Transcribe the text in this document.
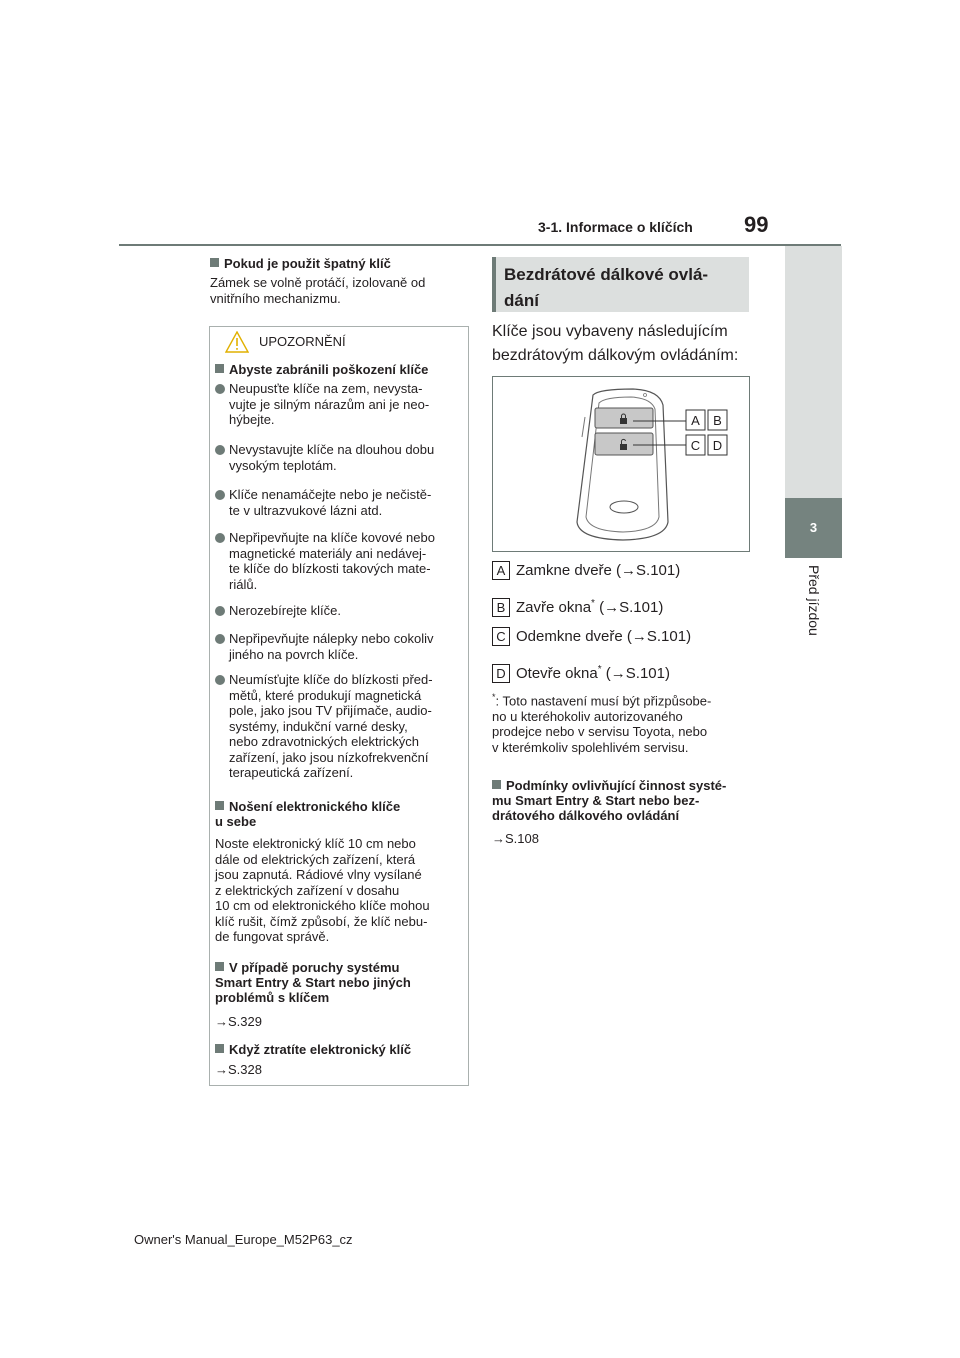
3-1. Informace o klíčích 99
3
Před jízdou
Pokud je použit špatný klíč
Zámek se volně protáčí, izolovaně od vnitřního mechanizmu.
UPOZORNĚNÍ
Abyste zabránili poškození klíče
Neupusťte klíče na zem, nevysta-
vujte je silným nárazům ani je neo-
hýbejte.
Nevystavujte klíče na dlouhou dobu
vysokým teplotám.
Klíče nenamáčejte nebo je nečistě-
te v ultrazvukové lázni atd.
Nepřipevňujte na klíče kovové nebo
magnetické materiály ani nedávej-
te klíče do blízkosti takových mate-
riálů.
Nerozebírejte klíče.
Nepřipevňujte nálepky nebo cokoliv
jiného na povrch klíče.
Neumísťujte klíče do blízkosti před-
mětů, které produkují magnetická
pole, jako jsou TV přijímače, audio-
systémy, indukční varné desky,
nebo zdravotnických elektrických
zařízení, jako jsou nízkofrekvenční
terapeutická zařízení.
Nošení elektronického klíče
u sebe
Noste elektronický klíč 10 cm nebo
dále od elektrických zařízení, která
jsou zapnutá. Rádiové vlny vysílané
z elektrických zařízení v dosahu
10 cm od elektronického klíče mohou
klíč rušit, čímž způsobí, že klíč nebu-
de fungovat správě.
V případě poruchy systému
Smart Entry & Start nebo jiných
problémů s klíčem
→S.329
Když ztratíte elektronický klíč
→S.328
Bezdrátové dálkové ovlá-
dání
Klíče jsou vybaveny následujícím
bezdrátovým dálkovým ovládáním:
A B
C D
A Zamkne dveře (→S.101)
B Zavře okna* (→S.101)
C Odemkne dveře (→S.101)
D Otevře okna* (→S.101)
*: Toto nastavení musí být přizpůsobe-
no u kteréhokoliv autorizovaného
prodejce nebo v servisu Toyota, nebo
v kterémkoliv spolehlivém servisu.
Podmínky ovlivňující činnost systé-
mu Smart Entry & Start nebo bez-
drátového dálkového ovládání
→S.108
Owner's Manual_Europe_M52P63_cz
